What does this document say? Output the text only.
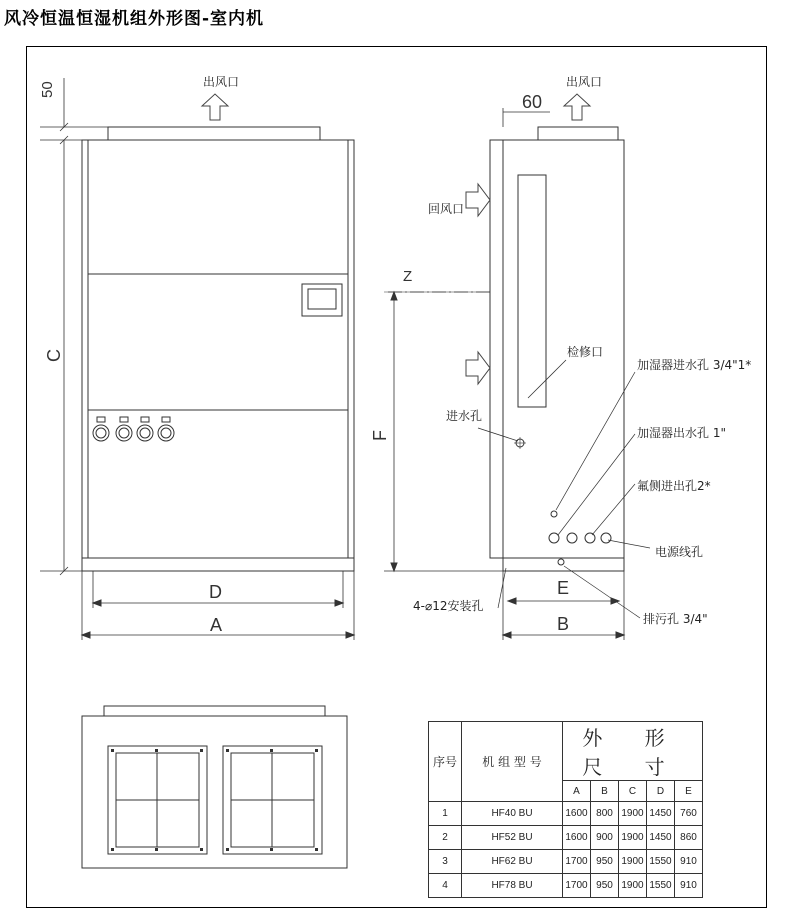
风冷恒温恒湿机组外形图-室内机
出风口
50
C
D
A
出风口
60
回风口
检修口
进水孔
Z
F
E
B
加湿器进水孔 3/4"1*
加湿器出水孔 1"
氟侧进出孔2*
电源线孔
排污孔 3/4"
4-⌀12安装孔
序号	机 组 型 号	外 形 尺 寸				
		A	B	C	D	E
1	HF40 BU	1600	800	1900	1450	760
2	HF52 BU	1600	900	1900	1450	860
3	HF62 BU	1700	950	1900	1550	910
4	HF78 BU	1700	950	1900	1550	910
